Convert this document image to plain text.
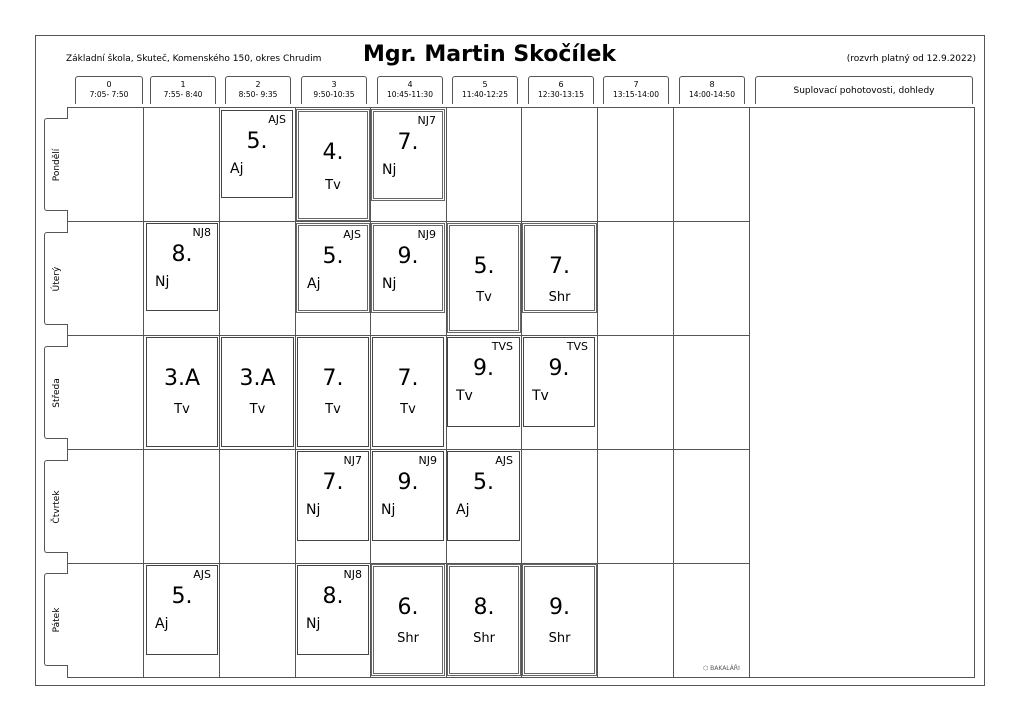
Základní škola, Skuteč, Komenského 150, okres Chrudim Mgr. Martin Skočílek	(rozvrh platný od 12.9.2022)
0
7:05- 7:50
1
7:55- 8:40
2
8:50- 9:35
3
9:50-10:35
4
10:45-11:30
5
11:40-12:25
6
12:30-13:15
7
13:15-14:00
8
14:00-14:50	Suplovací pohotovosti, dohledy
Pondělí
Úterý
Středa
Čtvrtek
Pátek
AJS
5.
Aj
4.
Tv
NJ7
7.
Nj
NJ8
8.
Nj
AJS
5.
Aj
NJ9
9.
Nj
5.
Tv
7.
Shr
3.A
Tv
3.A
Tv
7.
Tv
7.
Tv
TVS
9.
Tv
TVS
9.
Tv
NJ7
7.
Nj
NJ9
9.
Nj
AJS
5.
Aj
AJS
5.
Aj
NJ8
8.
Nj
6.
Shr
8.
Shr
9.
Shr
⬡ BAKALÁŘI
